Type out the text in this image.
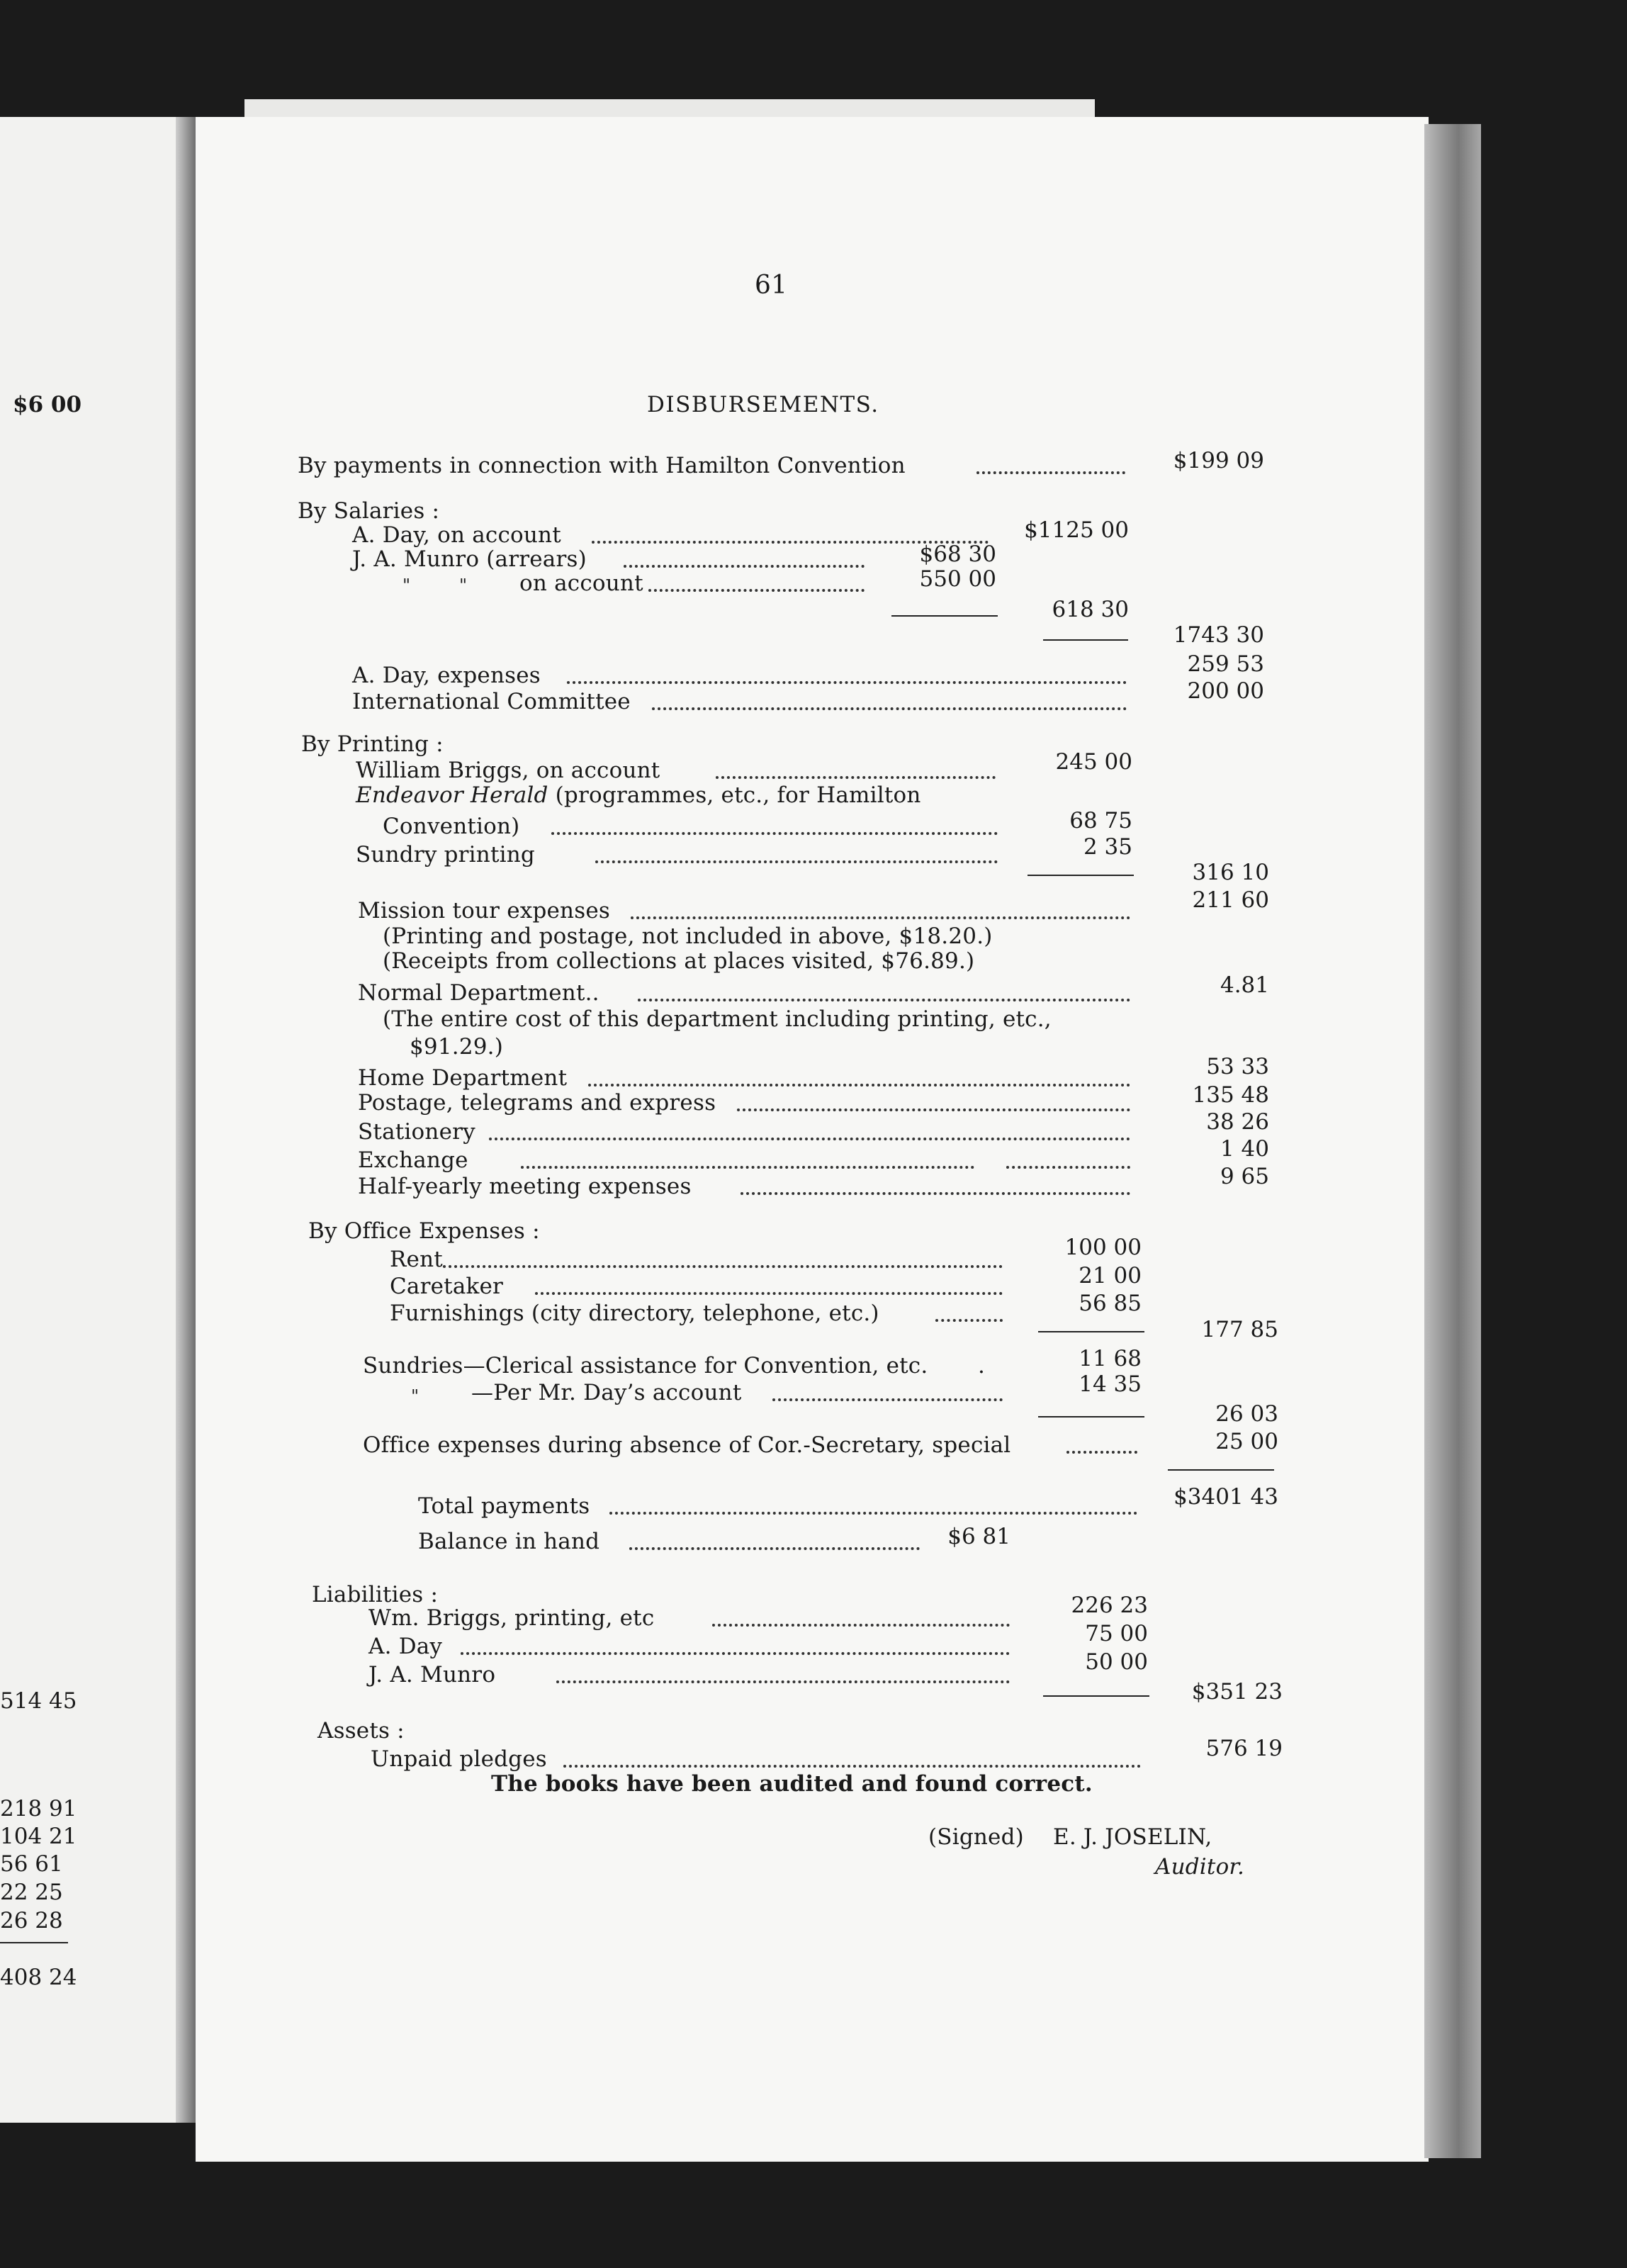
$6 00
514 45
218 91
104 21
56 61
22 25
26 28
408 24
61
DISBURSEMENTS.
By payments in connection with Hamilton Convention	$199 09
By Salaries :
A. Day, on account	$1125 00
J. A. Munro (arrears)	$68 30
"	" on account	550 00
618 30
1743 30
A. Day, expenses	259 53
International Committee	200 00
By Printing :
William Briggs, on account	245 00
Endeavor Herald (programmes, etc., for Hamilton
Convention)	68 75
Sundry printing	2 35
316 10
Mission tour expenses	211 60
(Printing and postage, not included in above, $18.20.)
(Receipts from collections at places visited, $76.89.)
Normal Department..	4.81
(The entire cost of this department including printing, etc.,
$91.29.)
Home Department	53 33
Postage, telegrams and express	135 48
Stationery	38 26
Exchange	1 40
Half-yearly meeting expenses	9 65
By Office Expenses :
Rent	100 00
Caretaker	21 00
Furnishings (city directory, telephone, etc.)	56 85
177 85
Sundries—Clerical assistance for Convention, etc. .	11 68
" —Per Mr. Day’s account	14 35
26 03
Office expenses during absence of Cor.-Secretary, special	25 00
Total payments	$3401 43
Balance in hand	$6 81
Liabilities :
Wm. Briggs, printing, etc	226 23
A. Day	75 00
J. A. Munro	50 00
$351 23
Assets :
Unpaid pledges	576 19
The books have been audited and found correct.
(Signed) E. J. JOSELIN,
Auditor.
